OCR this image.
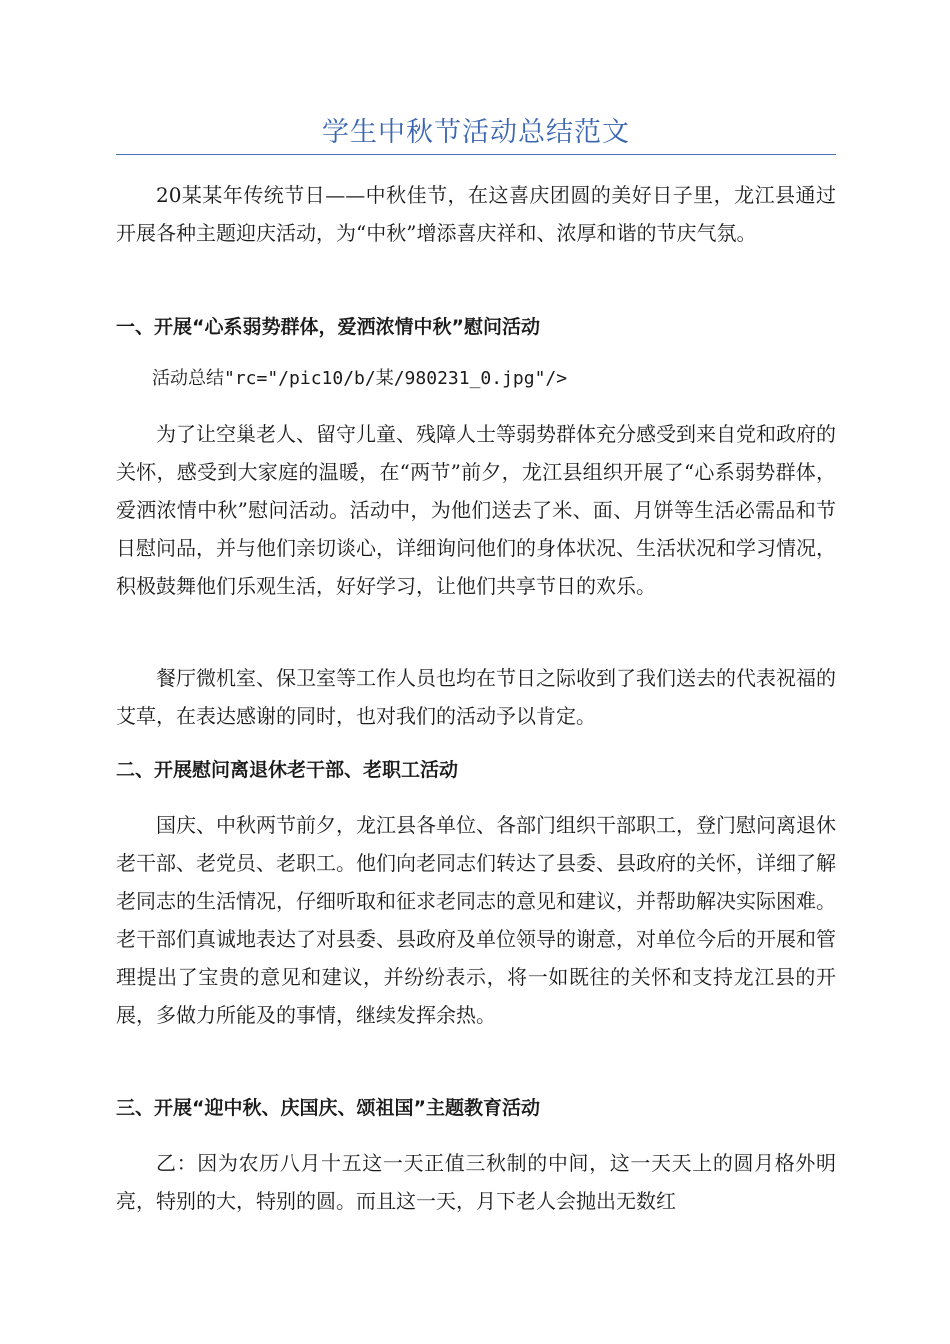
学生中秋节活动总结范文

20某某年传统节日——中秋佳节，在这喜庆团圆的美好日子里，龙江县通过开展各种主题迎庆活动，为“中秋”增添喜庆祥和、浓厚和谐的节庆气氛。

一、开展“心系弱势群体，爱洒浓情中秋”慰问活动

活动总结"rc="/pic10/b/某/980231_0.jpg"/>

为了让空巢老人、留守儿童、残障人士等弱势群体充分感受到来自党和政府的关怀，感受到大家庭的温暖，在“两节”前夕，龙江县组织开展了“心系弱势群体，爱洒浓情中秋”慰问活动。活动中，为他们送去了米、面、月饼等生活必需品和节日慰问品，并与他们亲切谈心，详细询问他们的身体状况、生活状况和学习情况，积极鼓舞他们乐观生活，好好学习，让他们共享节日的欢乐。

餐厅微机室、保卫室等工作人员也均在节日之际收到了我们送去的代表祝福的艾草，在表达感谢的同时，也对我们的活动予以肯定。

二、开展慰问离退休老干部、老职工活动

国庆、中秋两节前夕，龙江县各单位、各部门组织干部职工，登门慰问离退休老干部、老党员、老职工。他们向老同志们转达了县委、县政府的关怀，详细了解老同志的生活情况，仔细听取和征求老同志的意见和建议，并帮助解决实际困难。老干部们真诚地表达了对县委、县政府及单位领导的谢意，对单位今后的开展和管理提出了宝贵的意见和建议，并纷纷表示，将一如既往的关怀和支持龙江县的开展，多做力所能及的事情，继续发挥余热。

三、开展“迎中秋、庆国庆、颂祖国”主题教育活动

乙：因为农历八月十五这一天正值三秋制的中间，这一天天上的圆月格外明亮，特别的大，特别的圆。而且这一天，月下老人会抛出无数红
